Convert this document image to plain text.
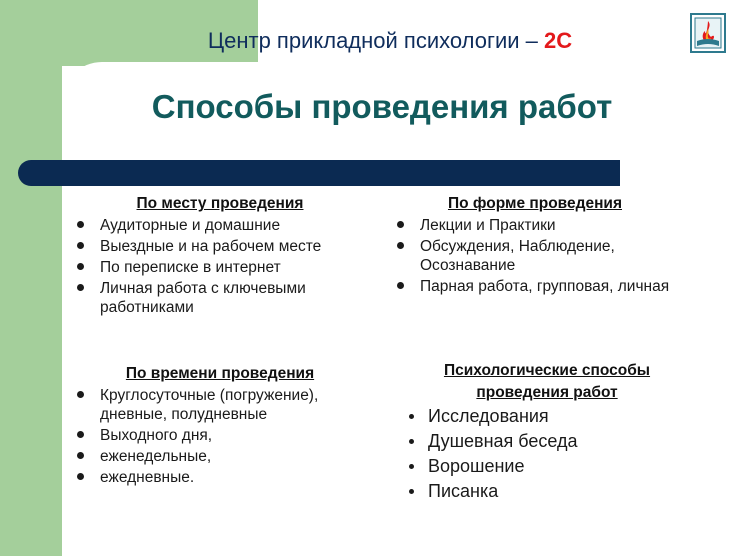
Центр прикладной психологии – 2С
Способы проведения работ
По месту проведения
Аудиторные и домашние
Выездные и на рабочем месте
По переписке в интернет
Личная работа с ключевыми работниками
По форме проведения
Лекции и Практики
Обсуждения, Наблюдение, Осознавание
Парная работа, групповая, личная
По времени проведения
Круглосуточные (погружение), дневные, полудневные
Выходного дня,
еженедельные,
ежедневные.
Психологические способы проведения работ
Исследования
Душевная беседа
Ворошение
Писанка
